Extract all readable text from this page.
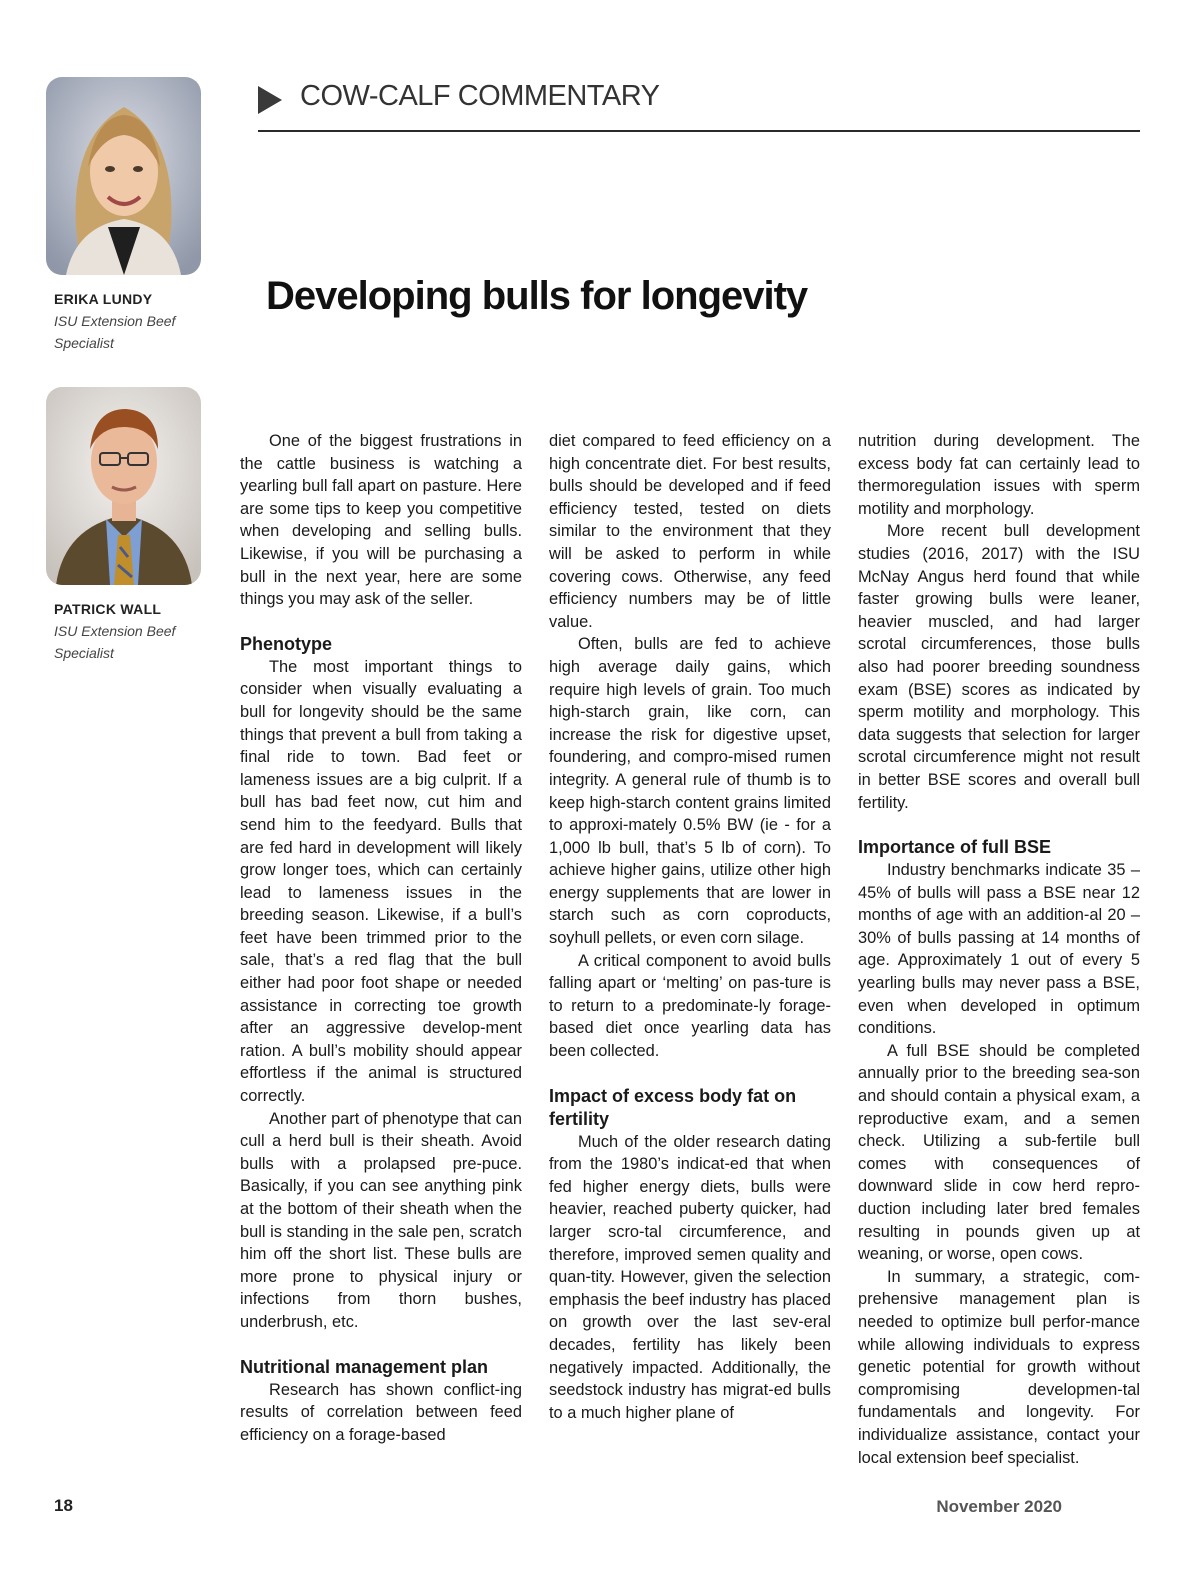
COW-CALF COMMENTARY
ERIKA LUNDY
ISU Extension Beef
Specialist
PATRICK WALL
ISU Extension Beef
Specialist
Developing bulls for longevity

One of the biggest frustrations in the cattle business is watching a yearling bull fall apart on pasture. Here are some tips to keep you competitive when developing and selling bulls. Likewise, if you will be purchasing a bull in the next year, here are some things you may ask of the seller.

Phenotype

The most important things to consider when visually evaluating a bull for longevity should be the same things that prevent a bull from taking a final ride to town. Bad feet or lameness issues are a big culprit. If a bull has bad feet now, cut him and send him to the feedyard. Bulls that are fed hard in development will likely grow longer toes, which can certainly lead to lameness issues in the breeding season. Likewise, if a bull’s feet have been trimmed prior to the sale, that’s a red flag that the bull either had poor foot shape or needed assistance in correcting toe growth after an aggressive develop-ment ration. A bull’s mobility should appear effortless if the animal is structured correctly.

Another part of phenotype that can cull a herd bull is their sheath. Avoid bulls with a prolapsed pre-puce. Basically, if you can see anything pink at the bottom of their sheath when the bull is standing in the sale pen, scratch him off the short list. These bulls are more prone to physical injury or infections from thorn bushes, underbrush, etc.

Nutritional management plan

Research has shown conflict-ing results of correlation between feed efficiency on a forage-based

diet compared to feed efficiency on a high concentrate diet. For best results, bulls should be developed and if feed efficiency tested, tested on diets similar to the environment that they will be asked to perform in while covering cows. Otherwise, any feed efficiency numbers may be of little value.

Often, bulls are fed to achieve high average daily gains, which require high levels of grain. Too much high-starch grain, like corn, can increase the risk for digestive upset, foundering, and compro-mised rumen integrity. A general rule of thumb is to keep high-starch content grains limited to approxi-mately 0.5% BW (ie - for a 1,000 lb bull, that’s 5 lb of corn). To achieve higher gains, utilize other high energy supplements that are lower in starch such as corn coproducts, soyhull pellets, or even corn silage.

A critical component to avoid bulls falling apart or ‘melting’ on pas-ture is to return to a predominate-ly forage-based diet once yearling data has been collected.

Impact of excess body fat on fertility

Much of the older research dating from the 1980’s indicat-ed that when fed higher energy diets, bulls were heavier, reached puberty quicker, had larger scro-tal circumference, and therefore, improved semen quality and quan-tity. However, given the selection emphasis the beef industry has placed on growth over the last sev-eral decades, fertility has likely been negatively impacted. Additionally, the seedstock industry has migrat-ed bulls to a much higher plane of

nutrition during development. The excess body fat can certainly lead to thermoregulation issues with sperm motility and morphology.

More recent bull development studies (2016, 2017) with the ISU McNay Angus herd found that while faster growing bulls were leaner, heavier muscled, and had larger scrotal circumferences, those bulls also had poorer breeding soundness exam (BSE) scores as indicated by sperm motility and morphology. This data suggests that selection for larger scrotal circumference might not result in better BSE scores and overall bull fertility.

Importance of full BSE

Industry benchmarks indicate 35 – 45% of bulls will pass a BSE near 12 months of age with an addition-al 20 – 30% of bulls passing at 14 months of age. Approximately 1 out of every 5 yearling bulls may never pass a BSE, even when developed in optimum conditions.

A full BSE should be completed annually prior to the breeding sea-son and should contain a physical exam, a reproductive exam, and a semen check. Utilizing a sub-fertile bull comes with consequences of downward slide in cow herd repro-duction including later bred females resulting in pounds given up at weaning, or worse, open cows.

In summary, a strategic, com-prehensive management plan is needed to optimize bull perfor-mance while allowing individuals to express genetic potential for growth without compromising developmen-tal fundamentals and longevity. For individualize assistance, contact your local extension beef specialist.

18	November 2020
